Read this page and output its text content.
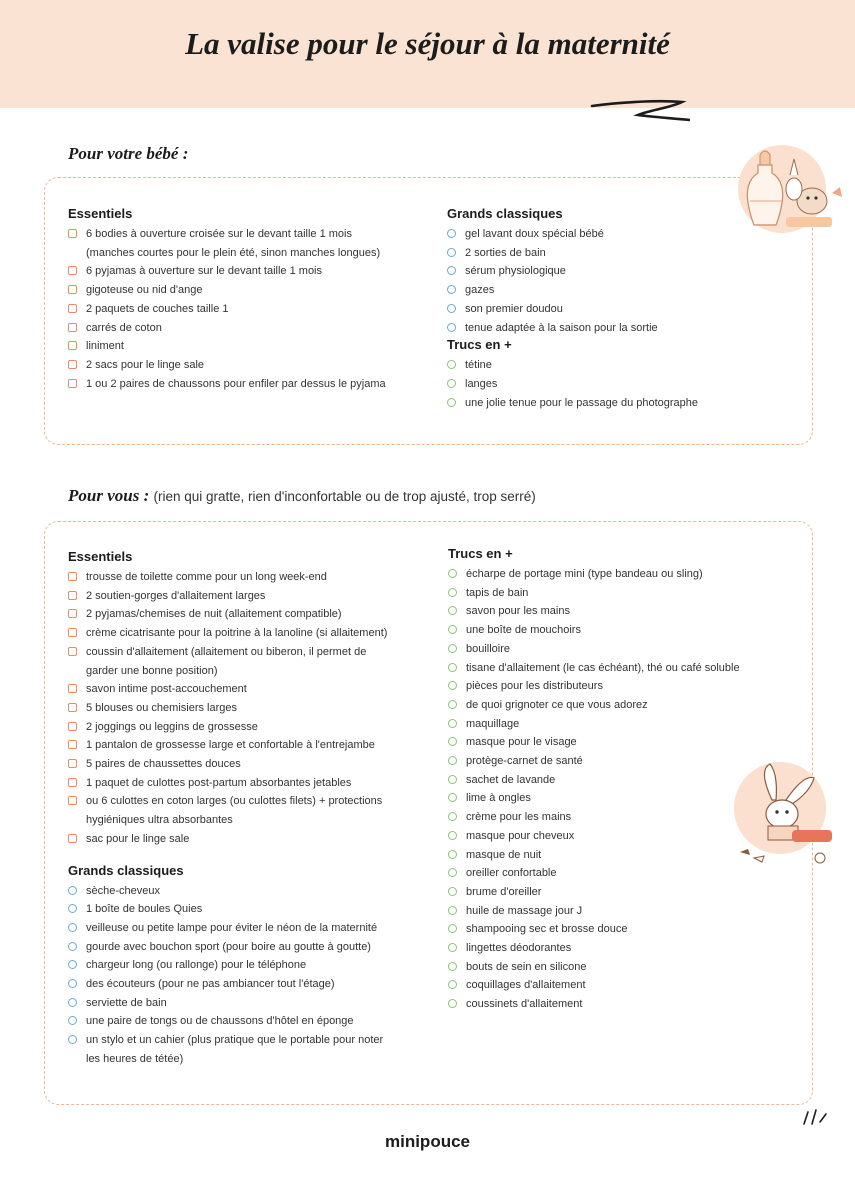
La valise pour le séjour à la maternité
Pour votre bébé :
Essentiels
6 bodies à ouverture croisée sur le devant taille 1 mois
(manches courtes pour le plein été, sinon manches longues)
6 pyjamas à ouverture sur le devant taille 1 mois
gigoteuse ou nid d'ange
2 paquets de couches taille 1
carrés de coton
liniment
2 sacs pour le linge sale
1 ou 2 paires de chaussons pour enfiler par dessus le pyjama
Grands classiques
gel lavant doux spécial bébé
2 sorties de bain
sérum physiologique
gazes
son premier doudou
tenue adaptée à la saison pour la sortie
Trucs en +
tétine
langes
une jolie tenue pour le passage du photographe
Pour vous : (rien qui gratte, rien d'inconfortable ou de trop ajusté, trop serré)
Essentiels
trousse de toilette comme pour un long week-end
2 soutien-gorges d'allaitement larges
2 pyjamas/chemises de nuit (allaitement compatible)
crème cicatrisante pour la poitrine à la lanoline (si allaitement)
coussin d'allaitement (allaitement ou biberon, il permet de
garder une bonne position)
savon intime post-accouchement
5 blouses ou chemisiers larges
2 joggings ou leggins de grossesse
1 pantalon de grossesse large et confortable à l'entrejambe
5 paires de chaussettes douces
1 paquet de culottes post-partum absorbantes jetables
ou 6 culottes en coton larges (ou culottes filets) + protections
hygiéniques ultra absorbantes
sac pour le linge sale
Grands classiques
sèche-cheveux
1 boîte de boules Quies
veilleuse ou petite lampe pour éviter le néon de la maternité
gourde avec bouchon sport (pour boire au goutte à goutte)
chargeur long (ou rallonge) pour le téléphone
des écouteurs (pour ne pas ambiancer tout l'étage)
serviette de bain
une paire de tongs ou de chaussons d'hôtel en éponge
un stylo et un cahier (plus pratique que le portable pour noter
les heures de tétée)
Trucs en +
écharpe de portage mini (type bandeau ou sling)
tapis de bain
savon pour les mains
une boîte de mouchoirs
bouilloire
tisane d'allaitement (le cas échéant), thé ou café soluble
pièces pour les distributeurs
de quoi grignoter ce que vous adorez
maquillage
masque pour le visage
protège-carnet de santé
sachet de lavande
lime à ongles
crème pour les mains
masque pour cheveux
masque de nuit
oreiller confortable
brume d'oreiller
huile de massage jour J
shampooing sec et brosse douce
lingettes déodorantes
bouts de sein en silicone
coquillages d'allaitement
coussinets d'allaitement

minipouce
